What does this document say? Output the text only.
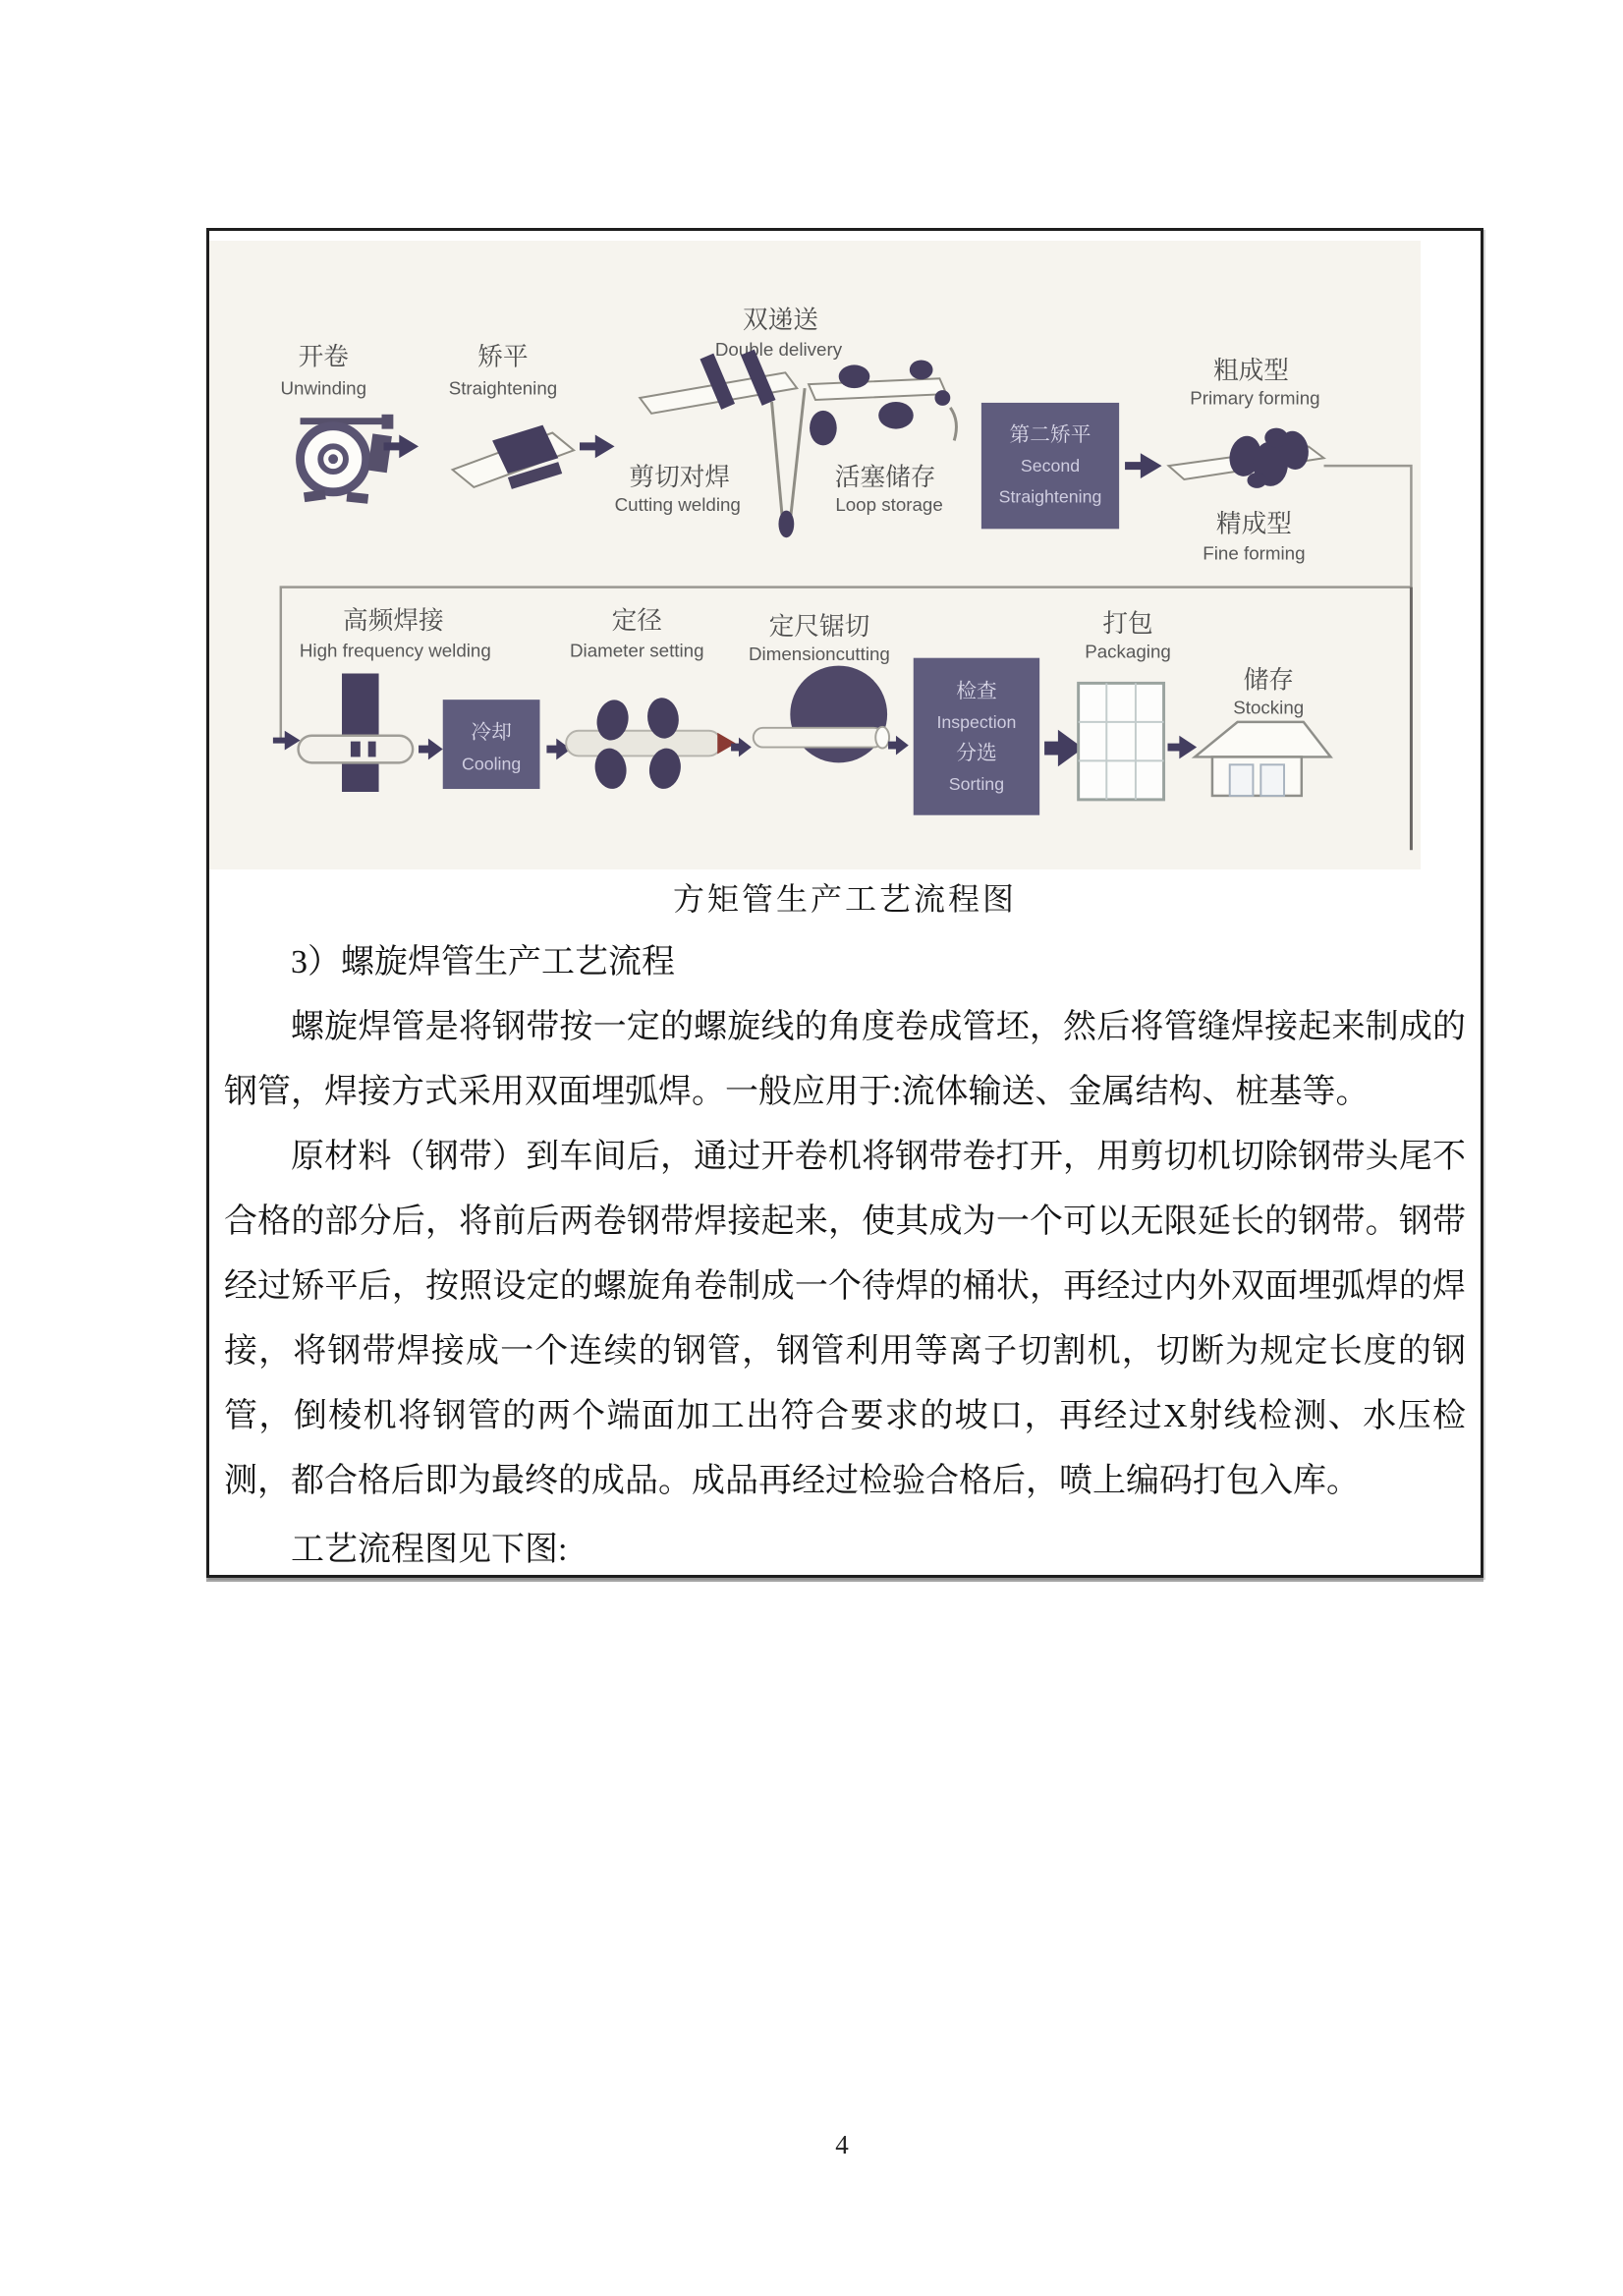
开卷
Unwinding
矫平
Straightening
双递送
Double delivery
剪切对焊
Cutting welding
活塞储存
Loop storage
第二矫平
Second
Straightening
粗成型
Primary forming
精成型
Fine forming
高频焊接
High frequency welding
冷却
Cooling
定径
Diameter setting
定尺锯切
Dimensioncutting
检查
Inspection
分选
Sorting
打包
Packaging
储存
Stocking
方矩管生产工艺流程图

3）螺旋焊管生产工艺流程

螺旋焊管是将钢带按一定的螺旋线的角度卷成管坯，然后将管缝焊接起来制成的钢管，焊接方式采用双面埋弧焊。一般应用于:流体输送、金属结构、桩基等。

原材料（钢带）到车间后，通过开卷机将钢带卷打开，用剪切机切除钢带头尾不合格的部分后，将前后两卷钢带焊接起来，使其成为一个可以无限延长的钢带。钢带经过矫平后，按照设定的螺旋角卷制成一个待焊的桶状，再经过内外双面埋弧焊的焊接，将钢带焊接成一个连续的钢管，钢管利用等离子切割机，切断为规定长度的钢管，倒棱机将钢管的两个端面加工出符合要求的坡口，再经过X射线检测、水压检测，都合格后即为最终的成品。成品再经过检验合格后，喷上编码打包入库。

工艺流程图见下图:

4
